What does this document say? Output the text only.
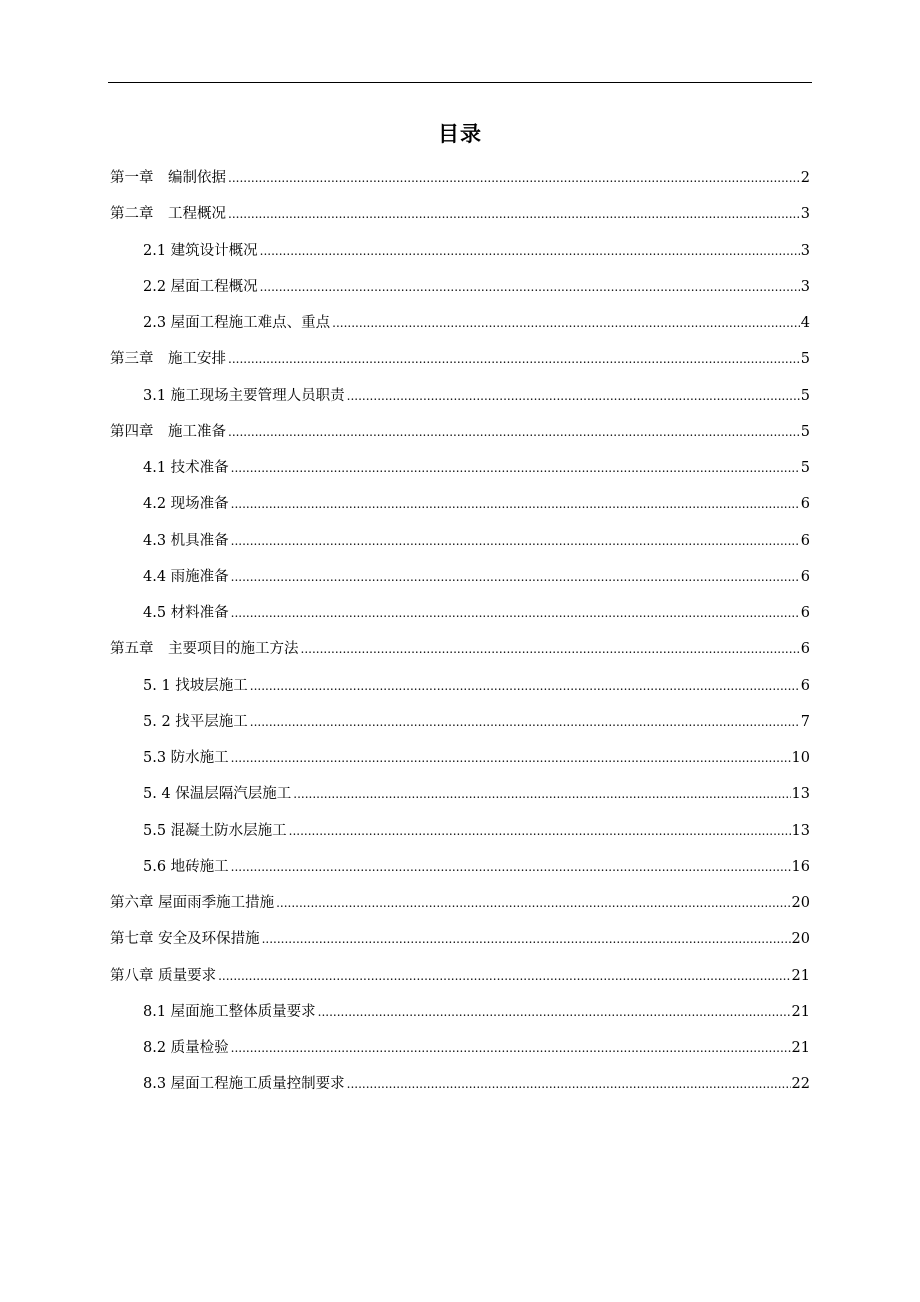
目录
第一章　编制依据 .....	2
第二章　工程概况 .....	3
2.1 建筑设计概况 .....	3
2.2 屋面工程概况 .....	3
2.3 屋面工程施工难点、重点 .....	4
第三章　施工安排 .....	5
3.1 施工现场主要管理人员职责 .....	5
第四章　施工准备 .....	5
4.1 技术准备 .....	5
4.2 现场准备 .....	6
4.3 机具准备 .....	6
4.4 雨施准备 .....	6
4.5 材料准备 .....	6
第五章　主要项目的施工方法 .....	6
5. 1 找坡层施工 .....	6
5. 2 找平层施工 .....	7
5.3 防水施工 .....	10
5. 4 保温层隔汽层施工 .....	13
5.5 混凝土防水层施工 .....	13
5.6 地砖施工 .....	16
第六章 屋面雨季施工措施 .....	20
第七章 安全及环保措施 .....	20
第八章 质量要求 .....	21
8.1 屋面施工整体质量要求 .....	21
8.2 质量检验 .....	21
8.3 屋面工程施工质量控制要求 .....	22
